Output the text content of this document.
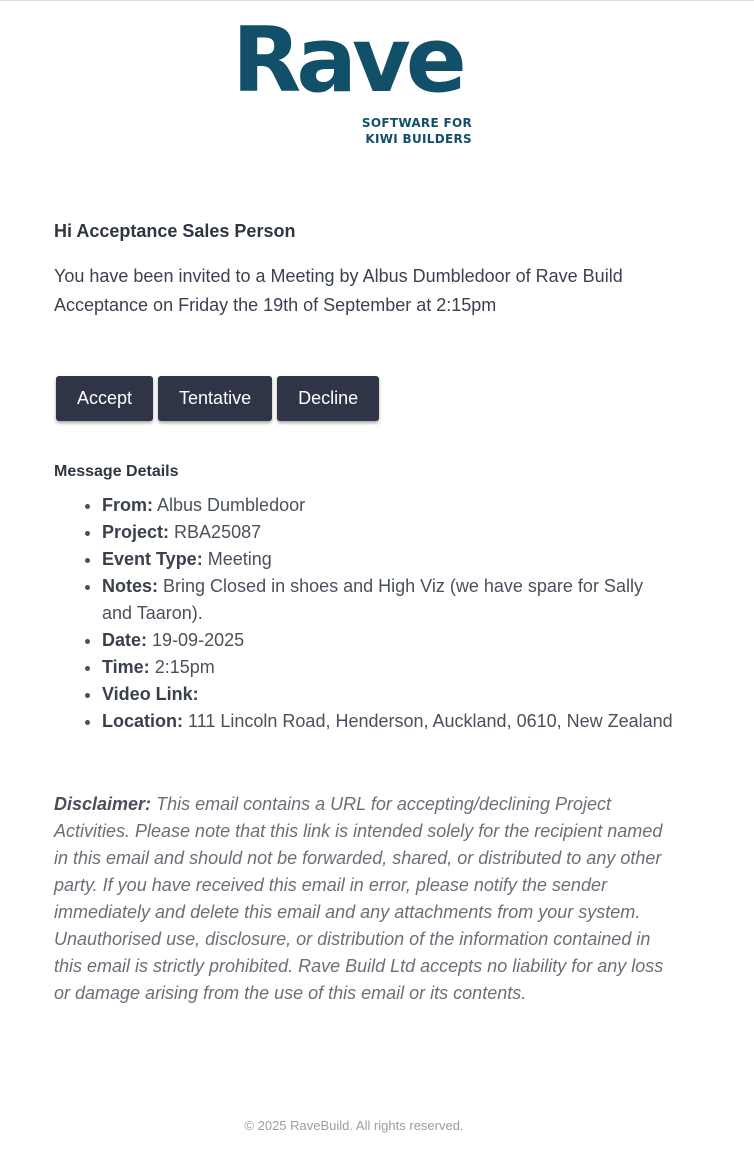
Rave
SOFTWARE FOR
KIWI BUILDERS

Hi Acceptance Sales Person

You have been invited to a Meeting by Albus Dumbledoor of Rave Build Acceptance on Friday the 19th of September at 2:15pm

Accept	Tentative	Decline

Message Details

• From: Albus Dumbledoor
• Project: RBA25087
• Event Type: Meeting
• Notes: Bring Closed in shoes and High Viz (we have spare for Sally and Taaron).
• Date: 19-09-2025
• Time: 2:15pm
• Video Link:
• Location: 111 Lincoln Road, Henderson, Auckland, 0610, New Zealand

Disclaimer: This email contains a URL for accepting/declining Project Activities. Please note that this link is intended solely for the recipient named in this email and should not be forwarded, shared, or distributed to any other party. If you have received this email in error, please notify the sender immediately and delete this email and any attachments from your system. Unauthorised use, disclosure, or distribution of the information contained in this email is strictly prohibited. Rave Build Ltd accepts no liability for any loss or damage arising from the use of this email or its contents.

© 2025 RaveBuild. All rights reserved.
